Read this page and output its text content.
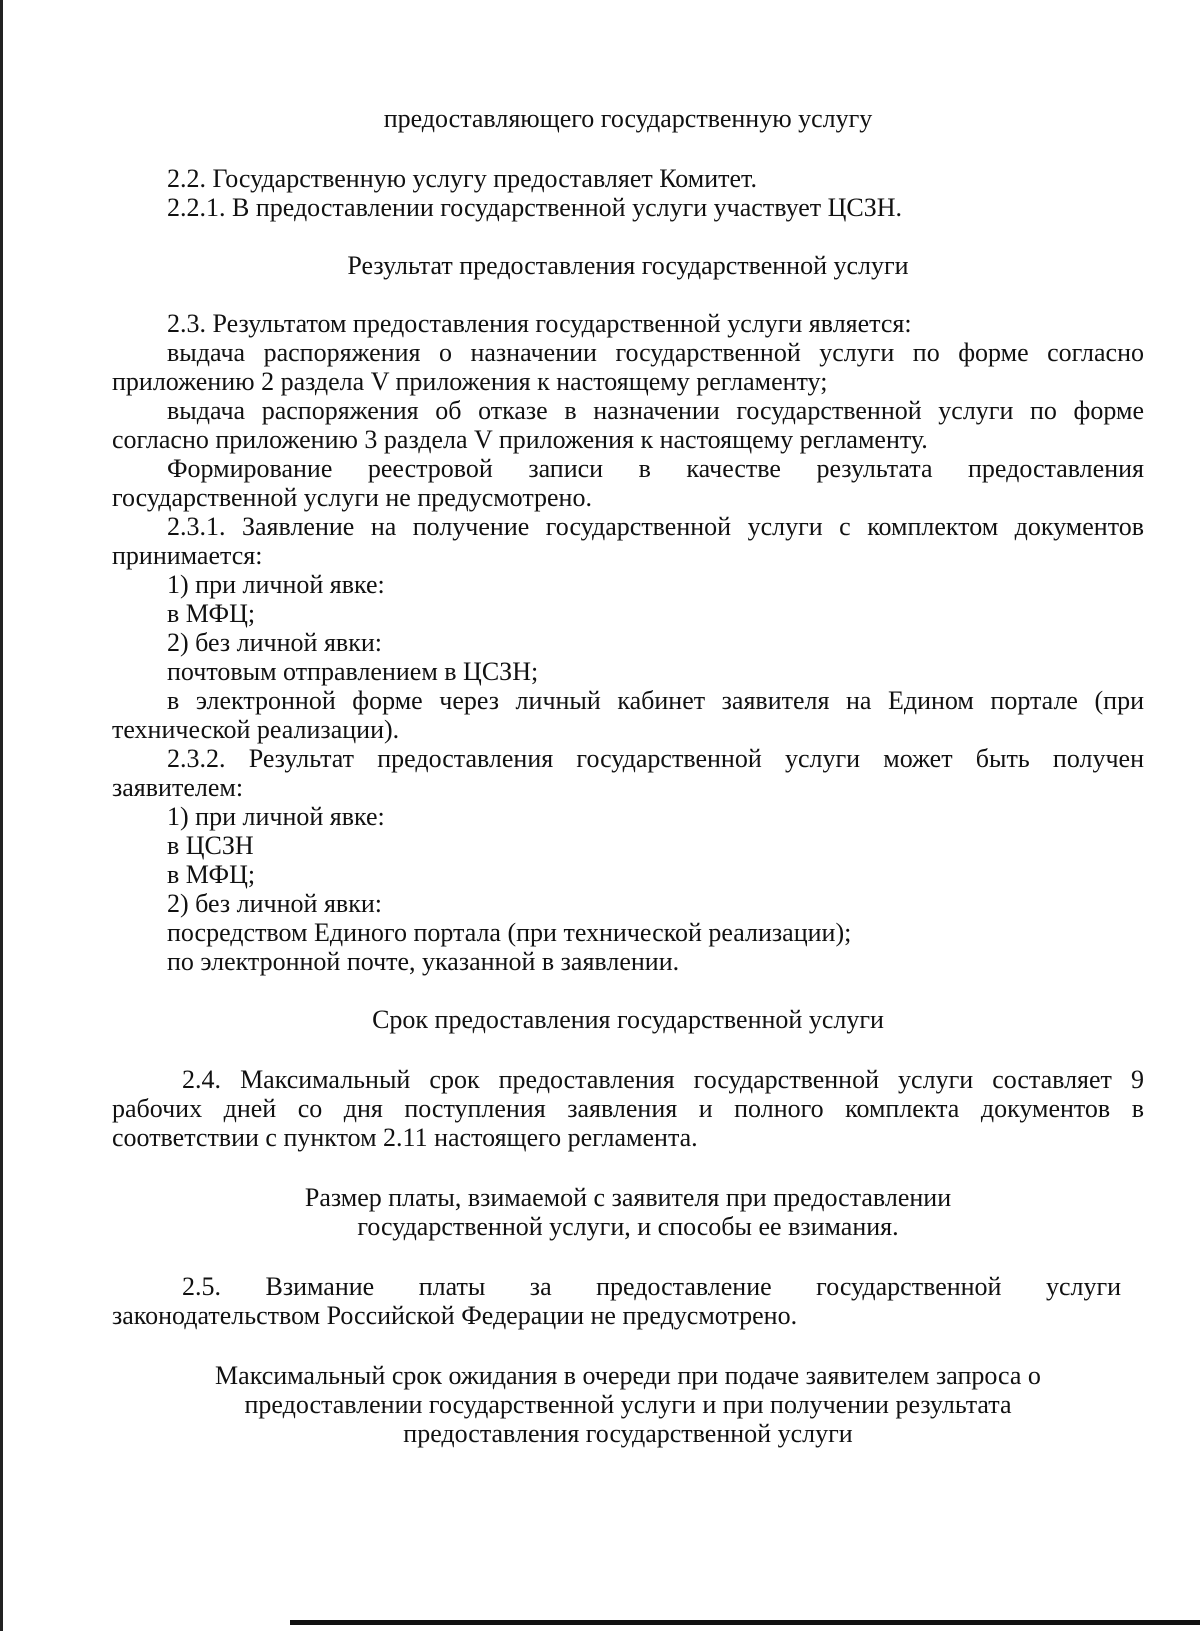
предоставляющего государственную услугу

2.2. Государственную услугу предоставляет Комитет.

2.2.1. В предоставлении государственной услуги участвует ЦСЗН.

Результат предоставления государственной услуги

2.3. Результатом предоставления государственной услуги является:

выдача распоряжения о назначении государственной услуги по форме согласно приложению 2 раздела V приложения к настоящему регламенту;

выдача распоряжения об отказе в назначении государственной услуги по форме согласно приложению 3 раздела V приложения к настоящему регламенту.

Формирование реестровой записи в качестве результата предоставления государственной услуги не предусмотрено.

2.3.1. Заявление на получение государственной услуги с комплектом документов принимается:

1) при личной явке:

в МФЦ;

2) без личной явки:

почтовым отправлением в ЦСЗН;

в электронной форме через личный кабинет заявителя на Едином портале (при технической реализации).

2.3.2. Результат предоставления государственной услуги может быть получен заявителем:

1) при личной явке:

в ЦСЗН

в МФЦ;

2) без личной явки:

посредством Единого портала (при технической реализации);

по электронной почте, указанной в заявлении.

Срок предоставления государственной услуги

2.4. Максимальный срок предоставления государственной услуги составляет 9 рабочих дней со дня поступления заявления и полного комплекта документов в соответствии с пунктом 2.11 настоящего регламента.

Размер платы, взимаемой с заявителя при предоставлении

государственной услуги, и способы ее взимания.

2.5. Взимание платы за предоставление государственной услуги

законодательством Российской Федерации не предусмотрено.

Максимальный срок ожидания в очереди при подаче заявителем запроса о

предоставлении государственной услуги и при получении результата

предоставления государственной услуги
